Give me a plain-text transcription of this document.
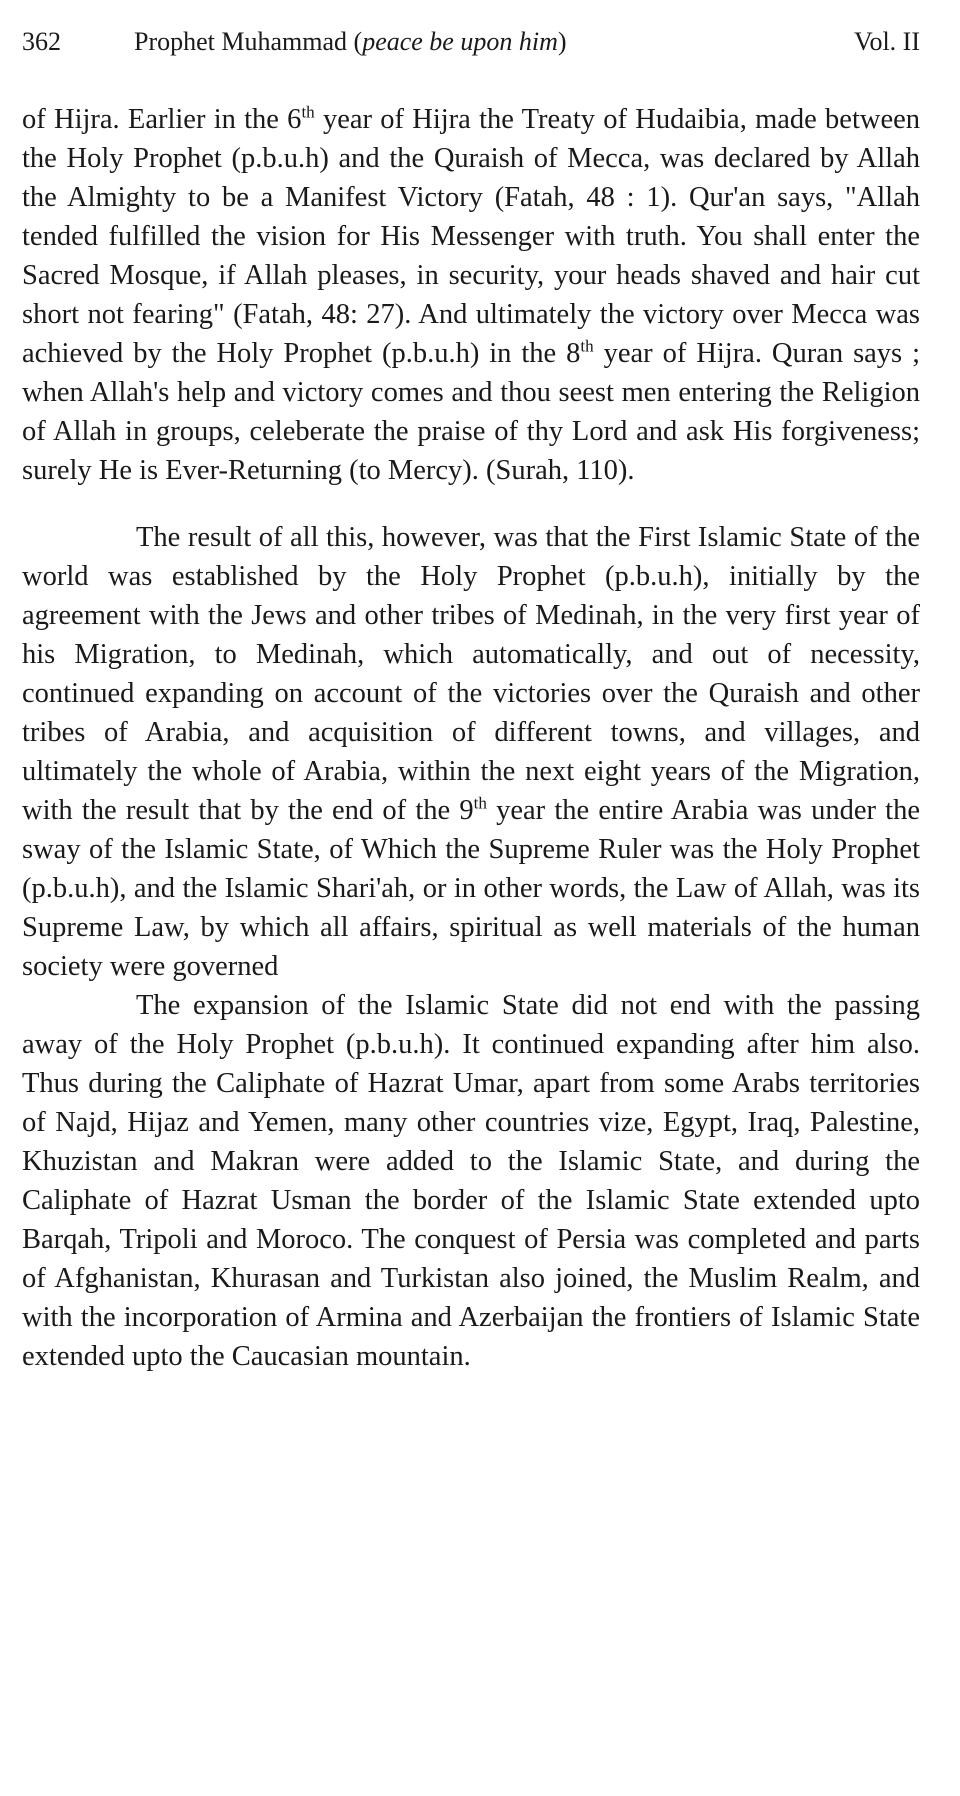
362	Prophet Muhammad (peace be upon him)	Vol. II

of Hijra. Earlier in the 6th year of Hijra the Treaty of Hudaibia, made between the Holy Prophet (p.b.u.h) and the Quraish of Mecca, was declared by Allah the Almighty to be a Manifest Victory (Fatah, 48 : 1). Qur'an says, "Allah tended fulfilled the vision for His Messenger with truth. You shall enter the Sacred Mosque, if Allah pleases, in security, your heads shaved and hair cut short not fearing" (Fatah, 48: 27). And ultimately the victory over Mecca was achieved by the Holy Prophet (p.b.u.h) in the 8th year of Hijra. Quran says ; when Allah's help and victory comes and thou seest men entering the Religion of Allah in groups, celeberate the praise of thy Lord and ask His forgiveness; surely He is Ever-Returning (to Mercy). (Surah, 110).

The result of all this, however, was that the First Islamic State of the world was established by the Holy Prophet (p.b.u.h), initially by the agreement with the Jews and other tribes of Medinah, in the very first year of his Migration, to Medinah, which automatically, and out of necessity, continued expanding on account of the victories over the Quraish and other tribes of Arabia, and acquisition of different towns, and villages, and ultimately the whole of Arabia, within the next eight years of the Migration, with the result that by the end of the 9th year the entire Arabia was under the sway of the Islamic State, of Which the Supreme Ruler was the Holy Prophet (p.b.u.h), and the Islamic Shari'ah, or in other words, the Law of Allah, was its Supreme Law, by which all affairs, spiritual as well materials of the human society were governed

The expansion of the Islamic State did not end with the passing away of the Holy Prophet (p.b.u.h). It continued expanding after him also. Thus during the Caliphate of Hazrat Umar, apart from some Arabs territories of Najd, Hijaz and Yemen, many other countries vize, Egypt, Iraq, Palestine, Khuzistan and Makran were added to the Islamic State, and during the Caliphate of Hazrat Usman the border of the Islamic State extended upto Barqah, Tripoli and Moroco. The conquest of Persia was completed and parts of Afghanistan, Khurasan and Turkistan also joined, the Muslim Realm, and with the incorporation of Armina and Azerbaijan the frontiers of Islamic State extended upto the Caucasian mountain.
